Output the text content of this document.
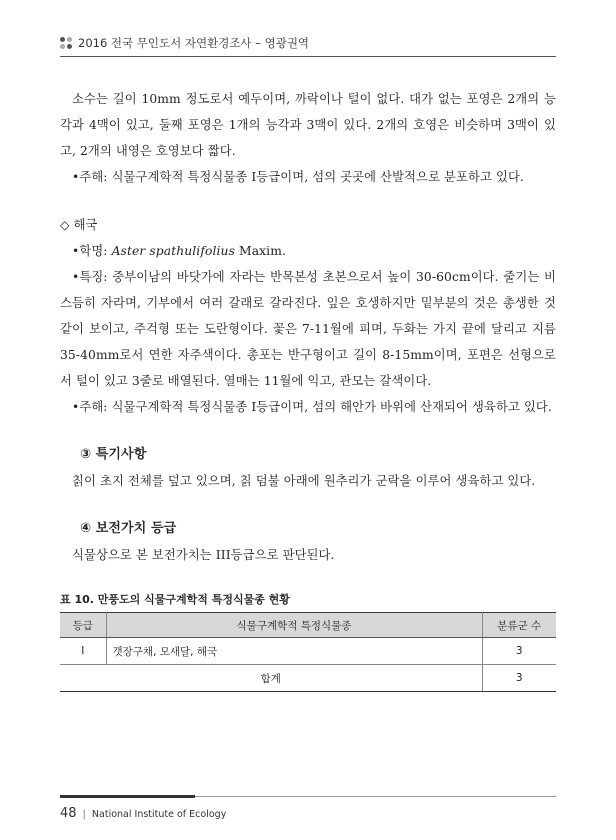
2016 전국 무인도서 자연환경조사 – 영광권역

소수는 길이 10mm 정도로서 예두이며, 까락이나 털이 없다. 대가 없는 포영은 2개의 능각과 4맥이 있고, 둘째 포영은 1개의 능각과 3맥이 있다. 2개의 호영은 비슷하며 3맥이 있고, 2개의 내영은 호영보다 짧다.

•주해: 식물구계학적 특정식물종 I등급이며, 섬의 곳곳에 산발적으로 분포하고 있다.

◇ 해국

•학명: Aster spathulifolius Maxim.

•특징: 중부이남의 바닷가에 자라는 반목본성 초본으로서 높이 30-60cm이다. 줄기는 비스듬히 자라며, 기부에서 여러 갈래로 갈라진다. 잎은 호생하지만 밑부분의 것은 총생한 것 같이 보이고, 주걱형 또는 도란형이다. 꽃은 7-11월에 피며, 두화는 가지 끝에 달리고 지름 35-40mm로서 연한 자주색이다. 총포는 반구형이고 길이 8-15mm이며, 포편은 선형으로서 털이 있고 3줄로 배열된다. 열매는 11월에 익고, 관모는 갈색이다.

•주해: 식물구계학적 특정식물종 I등급이며, 섬의 해안가 바위에 산재되어 생육하고 있다.

③ 특기사항

칡이 초지 전체를 덮고 있으며, 칡 덤불 아래에 원추리가 군락을 이루어 생육하고 있다.

④ 보전가치 등급

식물상으로 본 보전가치는 III등급으로 판단된다.

표 10. 만풍도의 식물구계학적 특정식물종 현황
등급	식물구계학적 특정식물종	분류군 수
I	갯장구채, 모새달, 해국	3
합계		3
48 | National Institute of Ecology
